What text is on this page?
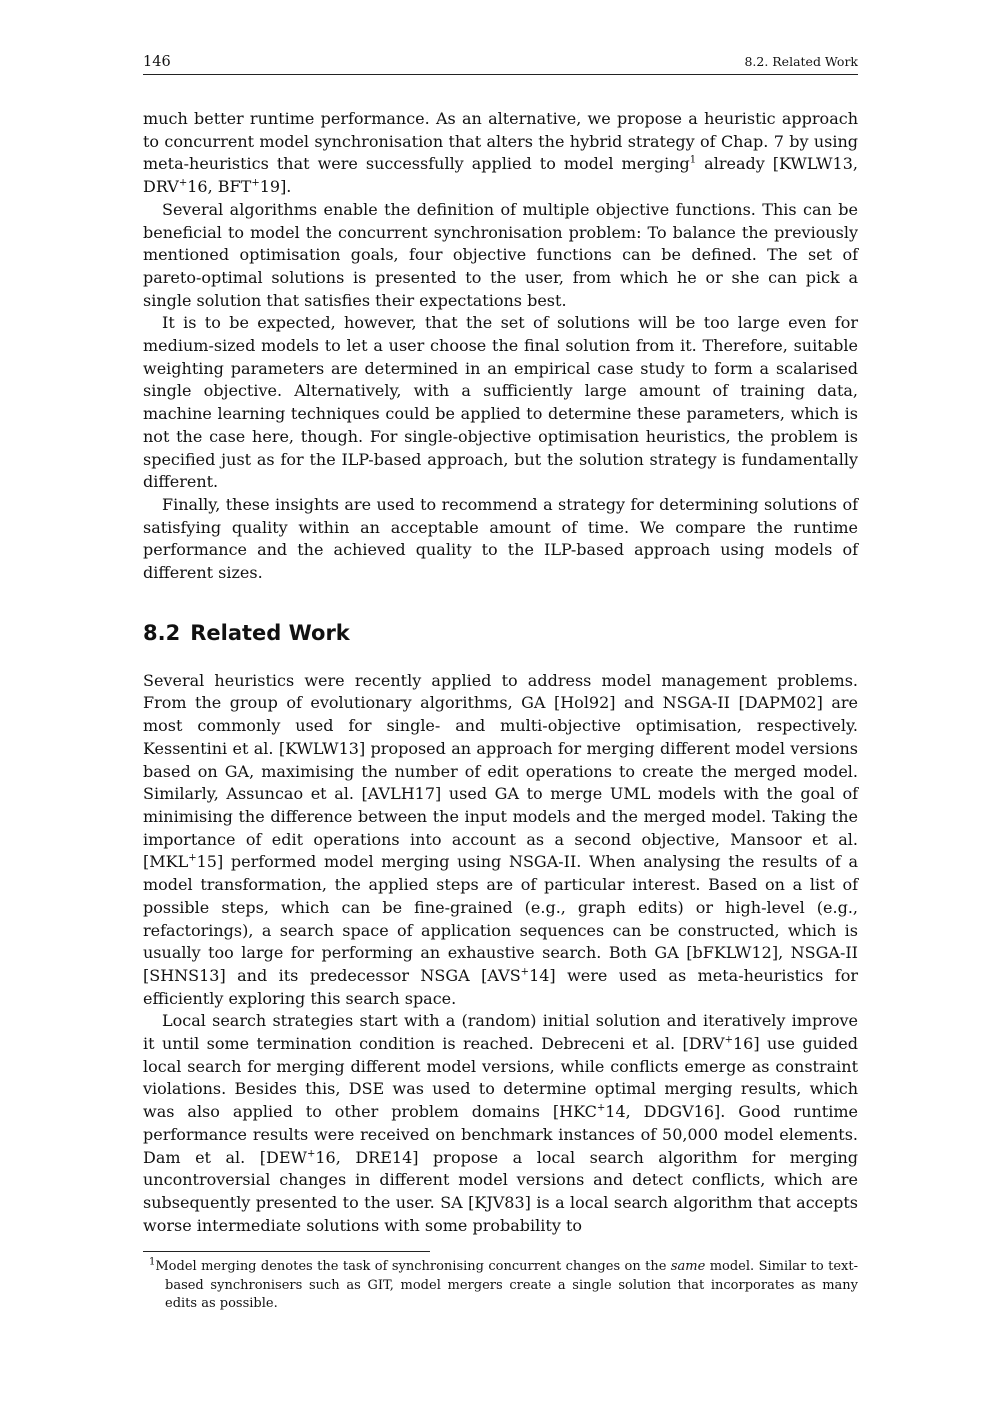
146	8.2. Related Work

much better runtime performance. As an alternative, we propose a heuristic approach to concurrent model synchronisation that alters the hybrid strategy of Chap. 7 by using meta-heuristics that were successfully applied to model merging$^1$ already [KWLW13, DRV+16, BFT+19].

Several algorithms enable the definition of multiple objective functions. This can be beneficial to model the concurrent synchronisation problem: To balance the previously mentioned optimisation goals, four objective functions can be defined. The set of pareto-optimal solutions is presented to the user, from which he or she can pick a single solution that satisfies their expectations best.

It is to be expected, however, that the set of solutions will be too large even for medium-sized models to let a user choose the final solution from it. Therefore, suitable weighting parameters are determined in an empirical case study to form a scalarised single objective. Alternatively, with a sufficiently large amount of training data, machine learning techniques could be applied to determine these parameters, which is not the case here, though. For single-objective optimisation heuristics, the problem is specified just as for the ILP-based approach, but the solution strategy is fundamentally different.

Finally, these insights are used to recommend a strategy for determining solutions of satisfying quality within an acceptable amount of time. We compare the runtime performance and the achieved quality to the ILP-based approach using models of different sizes.

8.2 Related Work

Several heuristics were recently applied to address model management problems. From the group of evolutionary algorithms, GA [Hol92] and NSGA-II [DAPM02] are most commonly used for single- and multi-objective optimisation, respectively. Kessentini et al. [KWLW13] proposed an approach for merging different model versions based on GA, maximising the number of edit operations to create the merged model. Similarly, Assuncao et al. [AVLH17] used GA to merge UML models with the goal of minimising the difference between the input models and the merged model. Taking the importance of edit operations into account as a second objective, Mansoor et al. [MKL+15] performed model merging using NSGA-II. When analysing the results of a model transformation, the applied steps are of particular interest. Based on a list of possible steps, which can be fine-grained (e.g., graph edits) or high-level (e.g., refactorings), a search space of application sequences can be constructed, which is usually too large for performing an exhaustive search. Both GA [bFKLW12], NSGA-II [SHNS13] and its predecessor NSGA [AVS+14] were used as meta-heuristics for efficiently exploring this search space.

Local search strategies start with a (random) initial solution and iteratively improve it until some termination condition is reached. Debreceni et al. [DRV+16] use guided local search for merging different model versions, while conflicts emerge as constraint violations. Besides this, DSE was used to determine optimal merging results, which was also applied to other problem domains [HKC+14, DDGV16]. Good runtime performance results were received on benchmark instances of 50,000 model elements. Dam et al. [DEW+16, DRE14] propose a local search algorithm for merging uncontroversial changes in different model versions and detect conflicts, which are subsequently presented to the user. SA [KJV83] is a local search algorithm that accepts worse intermediate solutions with some probability to

$^1$Model merging denotes the task of synchronising concurrent changes on the same model. Similar to text-based synchronisers such as GIT, model mergers create a single solution that incorporates as many edits as possible.
